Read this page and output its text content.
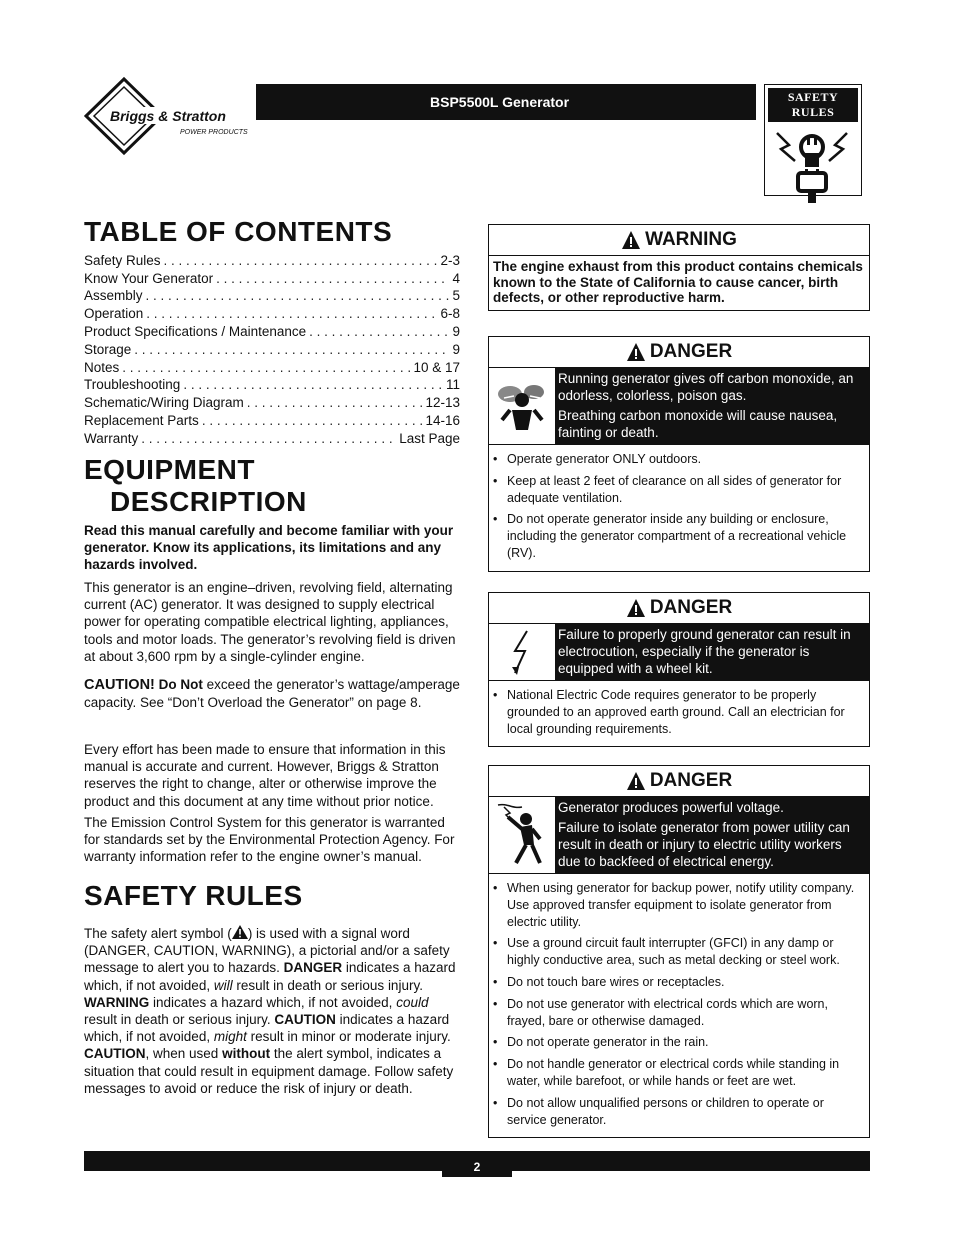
Briggs & Stratton
POWER PRODUCTS
BSP5500L Generator	SAFETY RULES
TABLE OF CONTENTS
Safety Rules . . .	2-3
Know Your Generator . . .	4
Assembly . . .	5
Operation . . .	6-8
Product Specifications / Maintenance . . .	9
Storage . . .	9
Notes . . .	10 & 17
Troubleshooting . . .	11
Schematic/Wiring Diagram . . .	12-13
Replacement Parts . . .	14-16
Warranty . . .	Last Page
EQUIPMENT
DESCRIPTION

Read this manual carefully and become familiar with your generator. Know its applications, its limitations and any hazards involved.

This generator is an engine–driven, revolving field, alternating current (AC) generator. It was designed to supply electrical power for operating compatible electrical lighting, appliances, tools and motor loads. The generator’s revolving field is driven at about 3,600 rpm by a single-cylinder engine.

CAUTION! Do Not exceed the generator’s wattage/amperage capacity. See “Don’t Overload the Generator” on page 8.

Every effort has been made to ensure that information in this manual is accurate and current. However, Briggs & Stratton reserves the right to change, alter or otherwise improve the product and this document at any time without prior notice.

The Emission Control System for this generator is warranted for standards set by the Environmental Protection Agency. For warranty information refer to the engine owner’s manual.

SAFETY RULES

The safety alert symbol ( ) is used with a signal word (DANGER, CAUTION, WARNING), a pictorial and/or a safety message to alert you to hazards. DANGER indicates a hazard which, if not avoided, will result in death or serious injury. WARNING indicates a hazard which, if not avoided, could result in death or serious injury. CAUTION indicates a hazard which, if not avoided, might result in minor or moderate injury. CAUTION, when used without the alert symbol, indicates a situation that could result in equipment damage. Follow safety messages to avoid or reduce the risk of injury or death.

WARNING
The engine exhaust from this product contains chemicals known to the State of California to cause cancer, birth defects, or other reproductive harm.
DANGER

Running generator gives off carbon monoxide, an odorless, colorless, poison gas.

Breathing carbon monoxide will cause nausea, fainting or death.

• Operate generator ONLY outdoors.
• Keep at least 2 feet of clearance on all sides of generator for adequate ventilation.
• Do not operate generator inside any building or enclosure, including the generator compartment of a recreational vehicle (RV).
DANGER

Failure to properly ground generator can result in electrocution, especially if the generator is equipped with a wheel kit.

• National Electric Code requires generator to be properly grounded to an approved earth ground. Call an electrician for local grounding requirements.
DANGER

Generator produces powerful voltage.

Failure to isolate generator from power utility can result in death or injury to electric utility workers due to backfeed of electrical energy.

• When using generator for backup power, notify utility company. Use approved transfer equipment to isolate generator from electric utility.
• Use a ground circuit fault interrupter (GFCI) in any damp or highly conductive area, such as metal decking or steel work.
• Do not touch bare wires or receptacles.
• Do not use generator with electrical cords which are worn, frayed, bare or otherwise damaged.
• Do not operate generator in the rain.
• Do not handle generator or electrical cords while standing in water, while barefoot, or while hands or feet are wet.
• Do not allow unqualified persons or children to operate or service generator.
2
